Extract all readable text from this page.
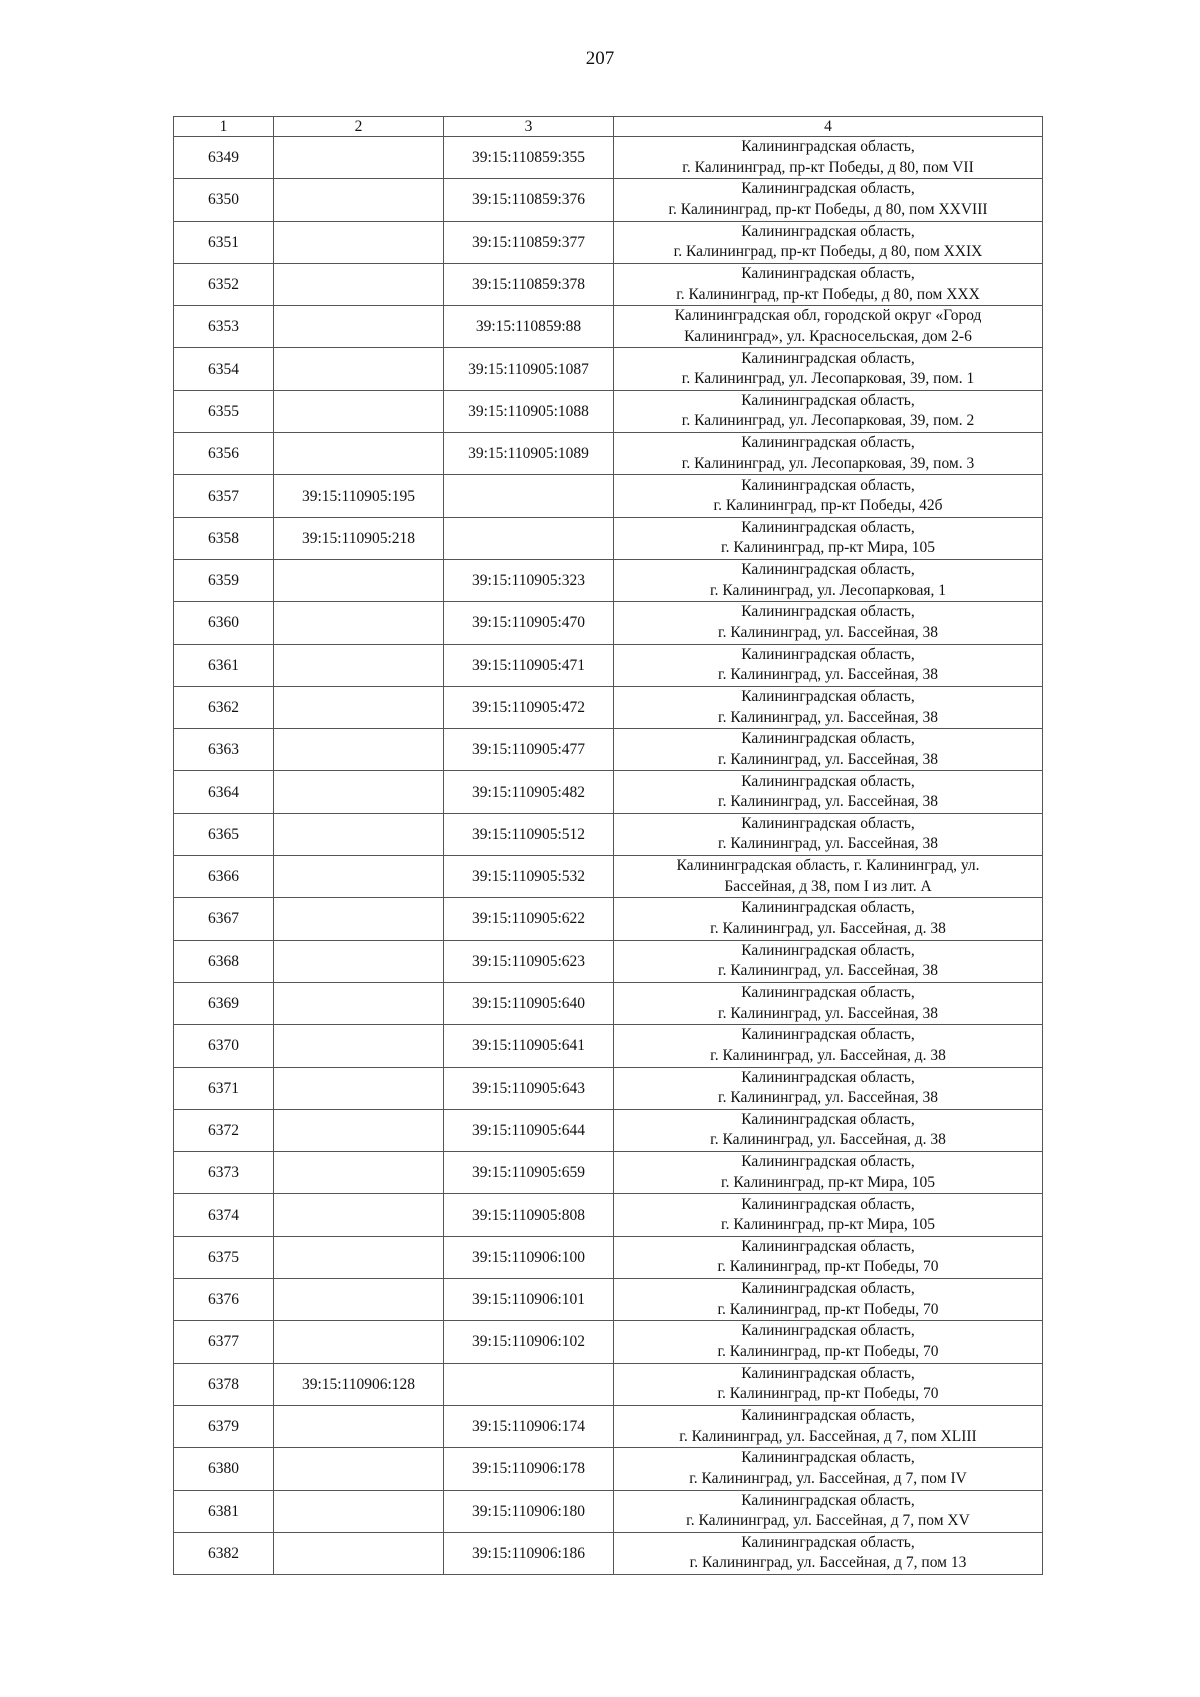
207
1	2	3	4
6349		39:15:110859:355	Калининградская область,
г. Калининград, пр-кт Победы, д 80, пом VII

6350		39:15:110859:376	Калининградская область,
г. Калининград, пр-кт Победы, д 80, пом XXVIII

6351		39:15:110859:377	Калининградская область,
г. Калининград, пр-кт Победы, д 80, пом XXIX

6352		39:15:110859:378	Калининградская область,
г. Калининград, пр-кт Победы, д 80, пом XXX

6353		39:15:110859:88	Калининградская обл, городской округ «Город
Калининград», ул. Красносельская, дом 2-6

6354		39:15:110905:1087	Калининградская область,
г. Калининград, ул. Лесопарковая, 39, пом. 1

6355		39:15:110905:1088	Калининградская область,
г. Калининград, ул. Лесопарковая, 39, пом. 2

6356		39:15:110905:1089	Калининградская область,
г. Калининград, ул. Лесопарковая, 39, пом. 3

6357	39:15:110905:195		Калининградская область,
г. Калининград, пр-кт Победы, 42б

6358	39:15:110905:218		Калининградская область,
г. Калининград, пр-кт Мира, 105

6359		39:15:110905:323	Калининградская область,
г. Калининград, ул. Лесопарковая, 1

6360		39:15:110905:470	Калининградская область,
г. Калининград, ул. Бассейная, 38

6361		39:15:110905:471	Калининградская область,
г. Калининград, ул. Бассейная, 38

6362		39:15:110905:472	Калининградская область,
г. Калининград, ул. Бассейная, 38

6363		39:15:110905:477	Калининградская область,
г. Калининград, ул. Бассейная, 38

6364		39:15:110905:482	Калининградская область,
г. Калининград, ул. Бассейная, 38

6365		39:15:110905:512	Калининградская область,
г. Калининград, ул. Бассейная, 38

6366		39:15:110905:532	Калининградская область, г. Калининград, ул.
Бассейная, д 38, пом I из лит. А

6367		39:15:110905:622	Калининградская область,
г. Калининград, ул. Бассейная, д. 38

6368		39:15:110905:623	Калининградская область,
г. Калининград, ул. Бассейная, 38

6369		39:15:110905:640	Калининградская область,
г. Калининград, ул. Бассейная, 38

6370		39:15:110905:641	Калининградская область,
г. Калининград, ул. Бассейная, д. 38

6371		39:15:110905:643	Калининградская область,
г. Калининград, ул. Бассейная, 38

6372		39:15:110905:644	Калининградская область,
г. Калининград, ул. Бассейная, д. 38

6373		39:15:110905:659	Калининградская область,
г. Калининград, пр-кт Мира, 105

6374		39:15:110905:808	Калининградская область,
г. Калининград, пр-кт Мира, 105

6375		39:15:110906:100	Калининградская область,
г. Калининград, пр-кт Победы, 70

6376		39:15:110906:101	Калининградская область,
г. Калининград, пр-кт Победы, 70

6377		39:15:110906:102	Калининградская область,
г. Калининград, пр-кт Победы, 70

6378	39:15:110906:128		Калининградская область,
г. Калининград, пр-кт Победы, 70

6379		39:15:110906:174	Калининградская область,
г. Калининград, ул. Бассейная, д 7, пом XLIII

6380		39:15:110906:178	Калининградская область,
г. Калининград, ул. Бассейная, д 7, пом IV

6381		39:15:110906:180	Калининградская область,
г. Калининград, ул. Бассейная, д 7, пом XV

6382		39:15:110906:186	Калининградская область,
г. Калининград, ул. Бассейная, д 7, пом 13
